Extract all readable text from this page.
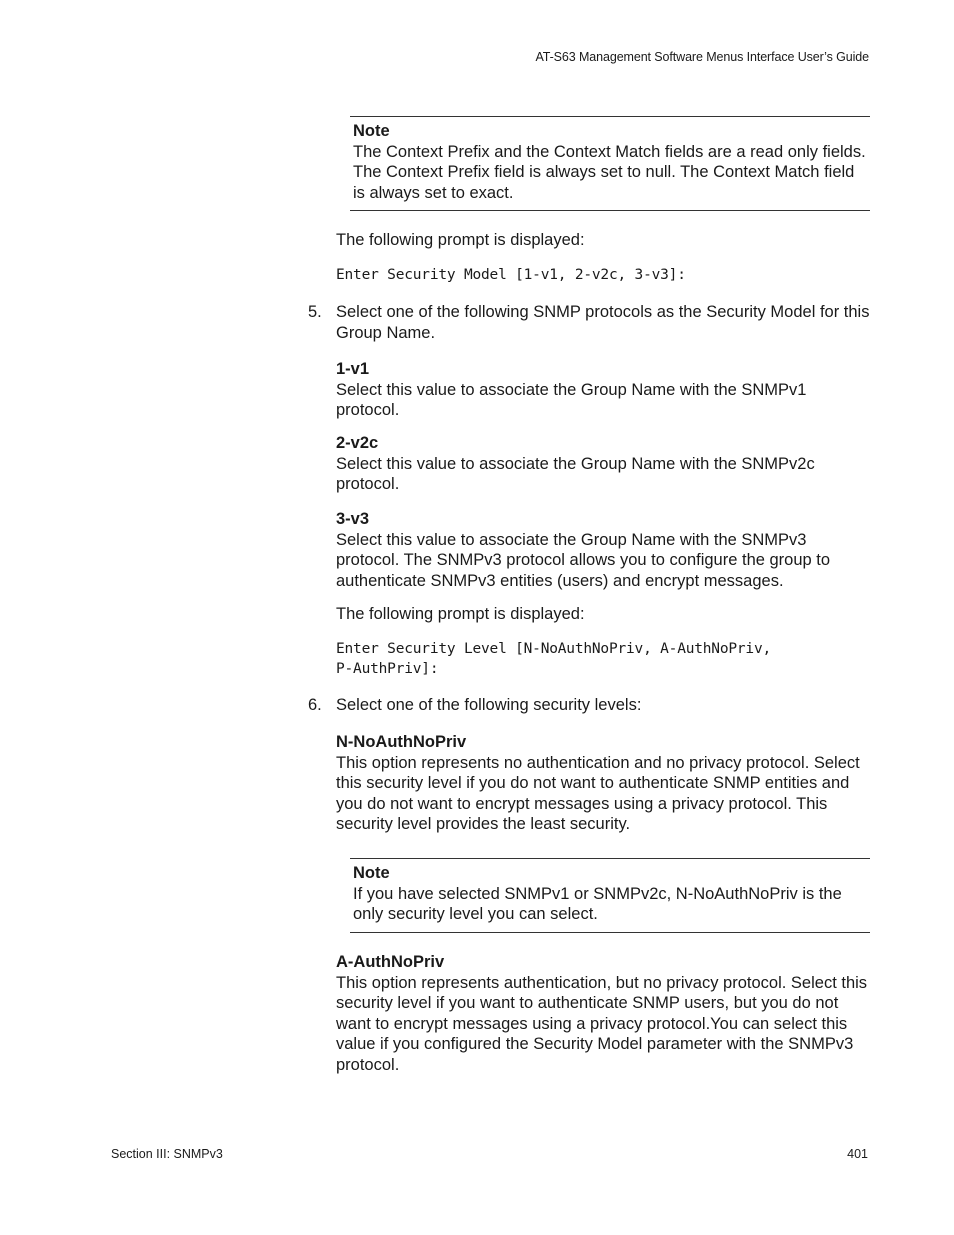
AT-S63 Management Software Menus Interface User’s Guide
Note
The Context Prefix and the Context Match fields are a read only fields. The Context Prefix field is always set to null. The Context Match field is always set to exact.
The following prompt is displayed:
Enter Security Model [1-v1, 2-v2c, 3-v3]:
5. Select one of the following SNMP protocols as the Security Model for this Group Name.
1-v1
Select this value to associate the Group Name with the SNMPv1 protocol.
2-v2c
Select this value to associate the Group Name with the SNMPv2c protocol.
3-v3
Select this value to associate the Group Name with the SNMPv3 protocol. The SNMPv3 protocol allows you to configure the group to authenticate SNMPv3 entities (users) and encrypt messages.
The following prompt is displayed:
Enter Security Level [N-NoAuthNoPriv, A-AuthNoPriv,
P-AuthPriv]:
6. Select one of the following security levels:
N-NoAuthNoPriv
This option represents no authentication and no privacy protocol. Select this security level if you do not want to authenticate SNMP entities and you do not want to encrypt messages using a privacy protocol. This security level provides the least security.
Note
If you have selected SNMPv1 or SNMPv2c, N-NoAuthNoPriv is the only security level you can select.
A-AuthNoPriv
This option represents authentication, but no privacy protocol. Select this security level if you want to authenticate SNMP users, but you do not want to encrypt messages using a privacy protocol.You can select this value if you configured the Security Model parameter with the SNMPv3 protocol.
Section III: SNMPv3	401
